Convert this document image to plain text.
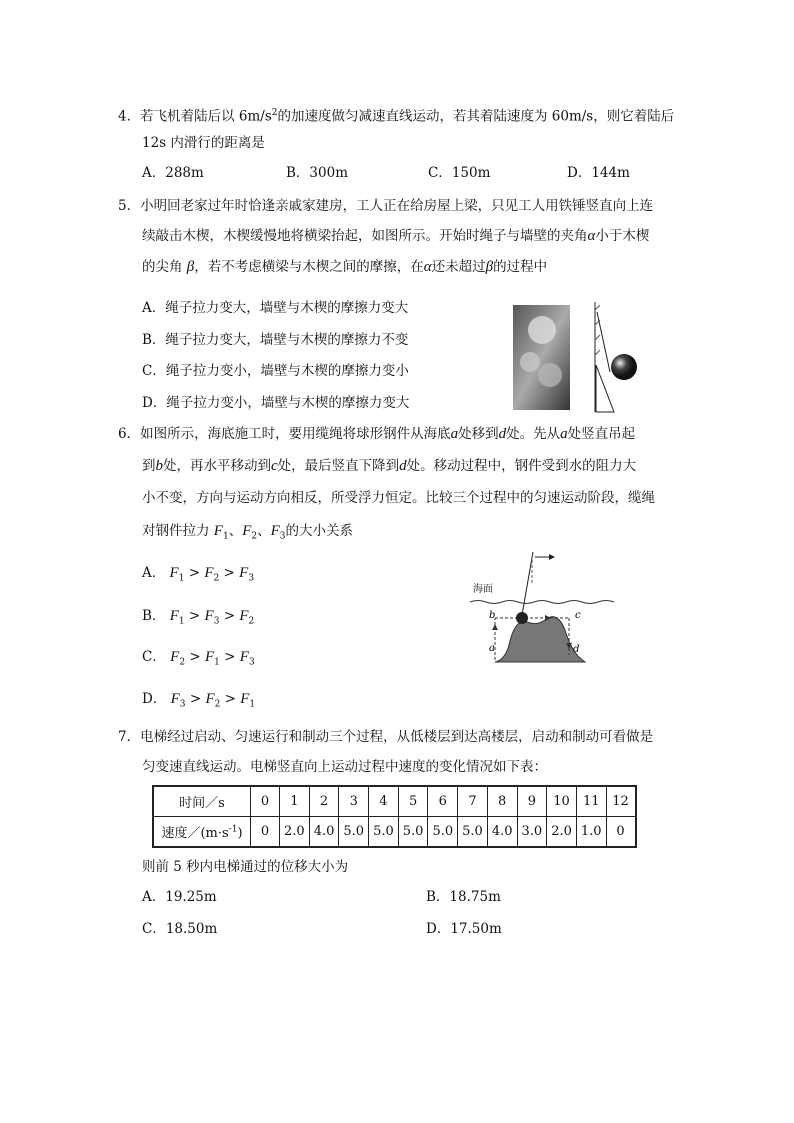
4．若飞机着陆后以 $6m/s^2$的加速度做匀减速直线运动，若其着陆速度为 60m/s，则它着陆后
12s 内滑行的距离是
A．288m	B．300m	C．150m	D．144m
5．小明回老家过年时恰逢亲戚家建房，工人正在给房屋上梁，只见工人用铁锤竖直向上连
续敲击木楔，木楔缓慢地将横梁抬起，如图所示。开始时绳子与墙壁的夹角α小于木楔
的尖角 β，若不考虑横梁与木楔之间的摩擦，在α还未超过β的过程中
A．绳子拉力变大，墙壁与木楔的摩擦力变大
B．绳子拉力变大，墙壁与木楔的摩擦力不变
C．绳子拉力变小，墙壁与木楔的摩擦力变小
D．绳子拉力变小，墙壁与木楔的摩擦力变大
6．如图所示，海底施工时，要用缆绳将球形钢件从海底a处移到d处。先从a处竖直吊起
到b处，再水平移动到c处，最后竖直下降到d处。移动过程中，钢件受到水的阻力大
小不变，方向与运动方向相反，所受浮力恒定。比较三个过程中的匀速运动阶段，缆绳
对钢件拉力 $F_1$、$F_2$、$F_3$的大小关系
A． $F_1 > F_2 > F_3$
B． $F_1 > F_3 > F_2$
C． $F_2 > F_1 > F_3$
D． $F_3 > F_2 > F_1$
海面
a
b	c
d
7．电梯经过启动、匀速运行和制动三个过程，从低楼层到达高楼层，启动和制动可看做是
匀变速直线运动。电梯竖直向上运动过程中速度的变化情况如下表：
时间／s	0	1	2	3	4	5	6	7	8	9	10	11	12
速度$/(m\cdot s^{-1})$	0	2.0	4.0	5.0	5.0	5.0	5.0	5.0	4.0	3.0	2.0	1.0	0
则前 5 秒内电梯通过的位移大小为
A．19.25m	B．18.75m
C．18.50m	D．17.50m
